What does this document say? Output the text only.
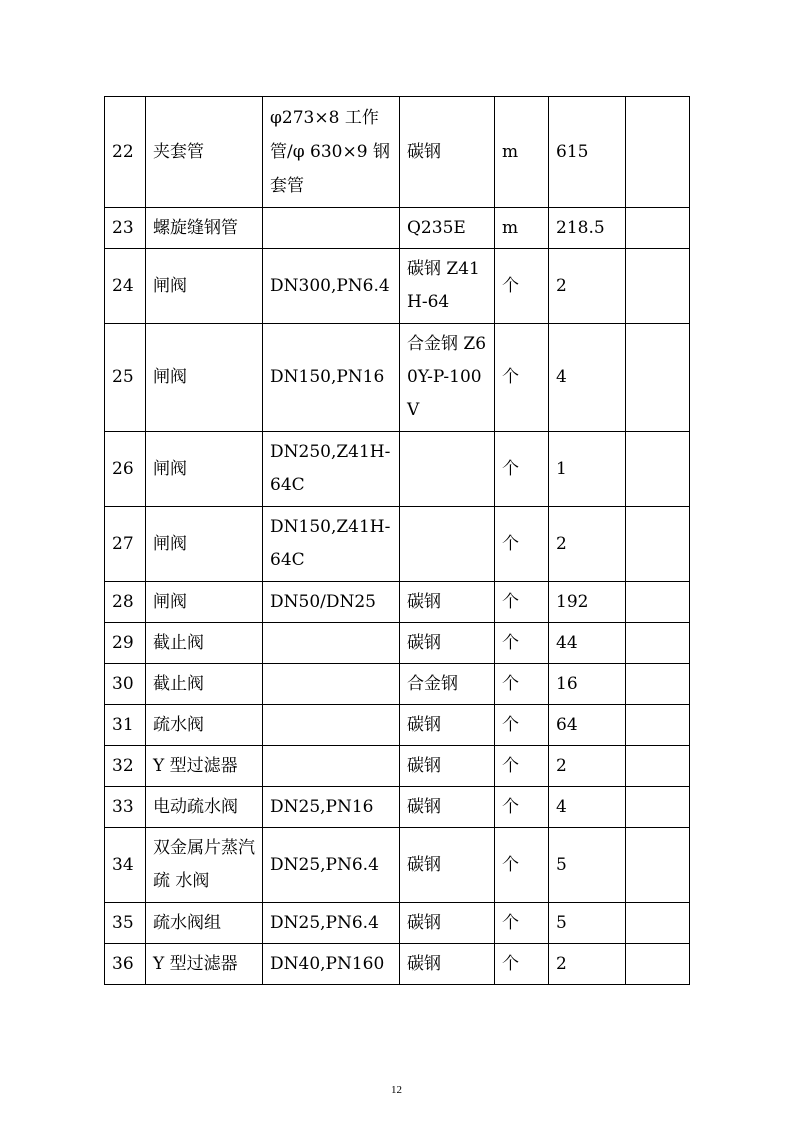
22	夹套管	φ273×8 工作管/φ 630×9 钢套管	碳钢	m	615	
23	螺旋缝钢管		Q235E	m	218.5	
24	闸阀	DN300,PN6.4	碳钢 Z41H-64	个	2	
25	闸阀	DN150,PN16	合金钢 Z60Y-P-100V	个	4	
26	闸阀	DN250,Z41H-64C		个	1	
27	闸阀	DN150,Z41H-64C		个	2	
28	闸阀	DN50/DN25	碳钢	个	192	
29	截止阀		碳钢	个	44	
30	截止阀		合金钢	个	16	
31	疏水阀		碳钢	个	64	
32	Y 型过滤器		碳钢	个	2	
33	电动疏水阀	DN25,PN16	碳钢	个	4	
34	双金属片蒸汽疏 水阀	DN25,PN6.4	碳钢	个	5	
35	疏水阀组	DN25,PN6.4	碳钢	个	5	
36	Y 型过滤器	DN40,PN160	碳钢	个	2	
12
